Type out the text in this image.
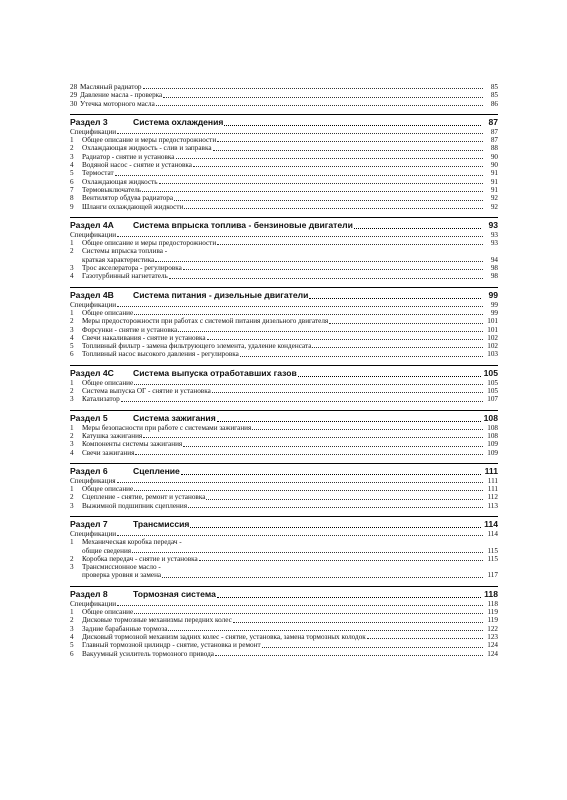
28 Масляный радиатор	85
29 Давление масла - проверка	85
30 Утечка моторного масла	86
Раздел 3	Система охлаждения	87
Спецификации	87
1	Общее описание и меры предосторожности	87
2	Охлаждающая жидкость - слив и заправка	88
3	Радиатор - снятие и установка	90
4	Водяной насос - снятие и установка	90
5	Термостат	91
6	Охлаждающая жидкость	91
7	Термовыключатель	91
8	Вентилятор обдува радиатора	92
9	Шланги охлаждающей жидкости	92
Раздел 4А	Система впрыска топлива - бензиновые двигатели	93
Спецификации	93
1	Общее описание и меры предосторожности	93
2	Системы впрыска топлива -
краткая характеристика	94
3	Трос акселератора - регулировка	98
4	Газотурбинный нагнетатель	98
Раздел 4В	Система питания - дизельные двигатели	99
Спецификации	99
1	Общее описание	99
2	Меры предосторожности при работах с системой питания дизельного двигателя	101
3	Форсунки - снятие и установка	101
4	Свечи накаливания - снятие и установка	102
5	Топливный фильтр - замена фильтрующего элемента, удаление конденсата	102
6	Топливный насос высокого давления - регулировка	103
Раздел 4С	Система выпуска отработавших газов	105
1	Общее описание	105
2	Система выпуска ОГ - снятие и установка	105
3	Катализатор	107
Раздел 5	Система зажигания	108
1	Меры безопасности при работе с системами зажигания	108
2	Катушка зажигания	108
3	Компоненты системы зажигания	109
4	Свечи зажигания	109
Раздел 6	Сцепление	111
Спецификация	111
1	Общее описание	111
2	Сцепление - снятие, ремонт и установка	112
3	Выжимной подшипник сцепления	113
Раздел 7	Трансмиссия	114
Спецификации	114
1	Механическая коробка передач -
общие сведения	115
2	Коробка передач - снятие и установка	115
3	Трансмиссионное масло -
проверка уровня и замена	117
Раздел 8	Тормозная система	118
Спецификации	118
1	Общее описание	119
2	Дисковые тормозные механизмы передних колес	119
3	Задние барабанные тормоза	122
4	Дисковый тормозной механизм задних колес - снятие, установка, замена тормозных колодок	123
5	Главный тормозной цилиндр - снятие, установка и ремонт	124
6	Вакуумный усилитель тормозного привода	124
